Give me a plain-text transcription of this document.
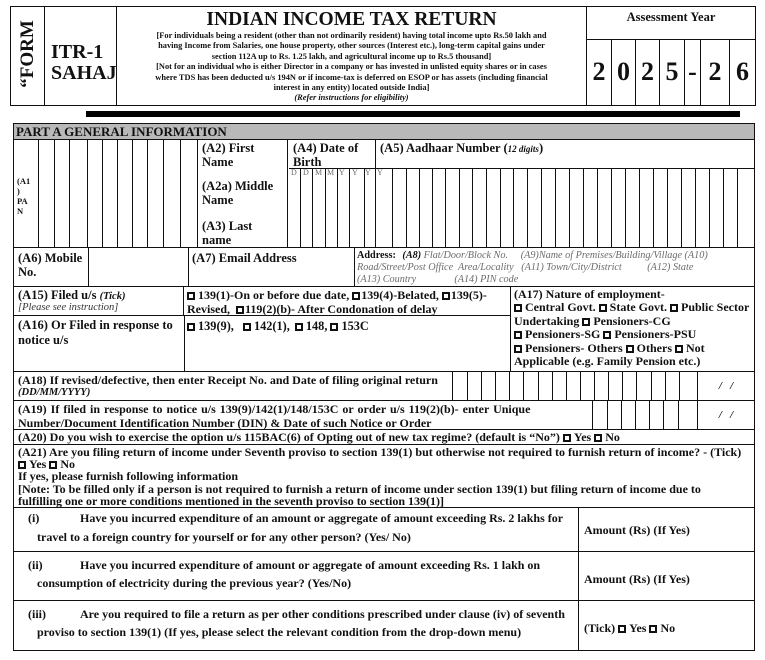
“FORM ITR-1
SAHAJ
INDIAN INCOME TAX RETURN
[For individuals being a resident (other than not ordinarily resident) having total income upto Rs.50 lakh and
having Income from Salaries, one house property, other sources (Interest etc.), long-term capital gains under
section 112A up to Rs. 1.25 lakh, and agricultural income up to Rs.5 thousand]
[Not for an individual who is either Director in a company or has invested in unlisted equity shares or in cases
where TDS has been deducted u/s 194N or if income-tax is deferred on ESOP or has assets (including financial
interest in any entity) located outside India]
(Refer instructions for eligibility)
Assessment Year
2 0 2 5 - 2 6
PART A GENERAL INFORMATION
(A1
)
PA
N
(A2) First Name
(A2a) Middle Name
(A3) Last name
(A4) Date of Birth
D D M M Y Y Y Y
(A5) Aadhaar Number (12 digits)
(A6) Mobile No.
(A7) Email Address	Address: (A8) Flat/Door/Block No.     (A9)Name of Premises/Building/Village (A10)
Road/Street/Post Office  Area/Locality   (A11) Town/City/District          (A12) State
(A13) Country               (A14) PIN code
(A15) Filed u/s (Tick)
[Please see instruction]
139(1)-On or before due date, 139(4)-Belated, 139(5)-
Revised, 119(2)(b)- After Condonation of delay
(A16) Or Filed in response to notice u/s
139(9), 142(1), 148, 153C
(A17) Nature of employment-
Central Govt. State Govt. Public Sector Undertaking Pensioners-CG Pensioners-SG Pensioners-PSU Pensioners- Others Others Not Applicable (e.g. Family Pension etc.)
(A18) If revised/defective, then enter Receipt No. and Date of filing original return
(DD/MM/YYYY)
/   /
(A19) If filed in response to notice u/s 139(9)/142(1)/148/153C or order u/s 119(2)(b)- enter Unique	/   /
Number/Document Identification Number (DIN) & Date of such Notice or Order
(A20) Do you wish to exercise the option u/s 115BAC(6) of Opting out of new tax regime? (default is “No”) Yes No
(A21) Are you filing return of income under Seventh proviso to section 139(1) but otherwise not required to furnish return of income? - (Tick)
Yes No
If yes, please furnish following information
[Note: To be filled only if a person is not required to furnish a return of income under section 139(1) but filing return of income due to
fulfilling one or more conditions mentioned in the seventh proviso to section 139(1)]
(i)	Have you incurred expenditure of an amount or aggregate of amount exceeding Rs. 2 lakhs for
travel to a foreign country for yourself or for any other person? (Yes/ No)	Amount (Rs) (If Yes)
(ii)	Have you incurred expenditure of amount or aggregate of amount exceeding Rs. 1 lakh on
consumption of electricity during the previous year? (Yes/No)	Amount (Rs) (If Yes)
(iii)	Are you required to file a return as per other conditions prescribed under clause (iv) of seventh
proviso to section 139(1) (If yes, please select the relevant condition from the drop-down menu)	(Tick) Yes No
